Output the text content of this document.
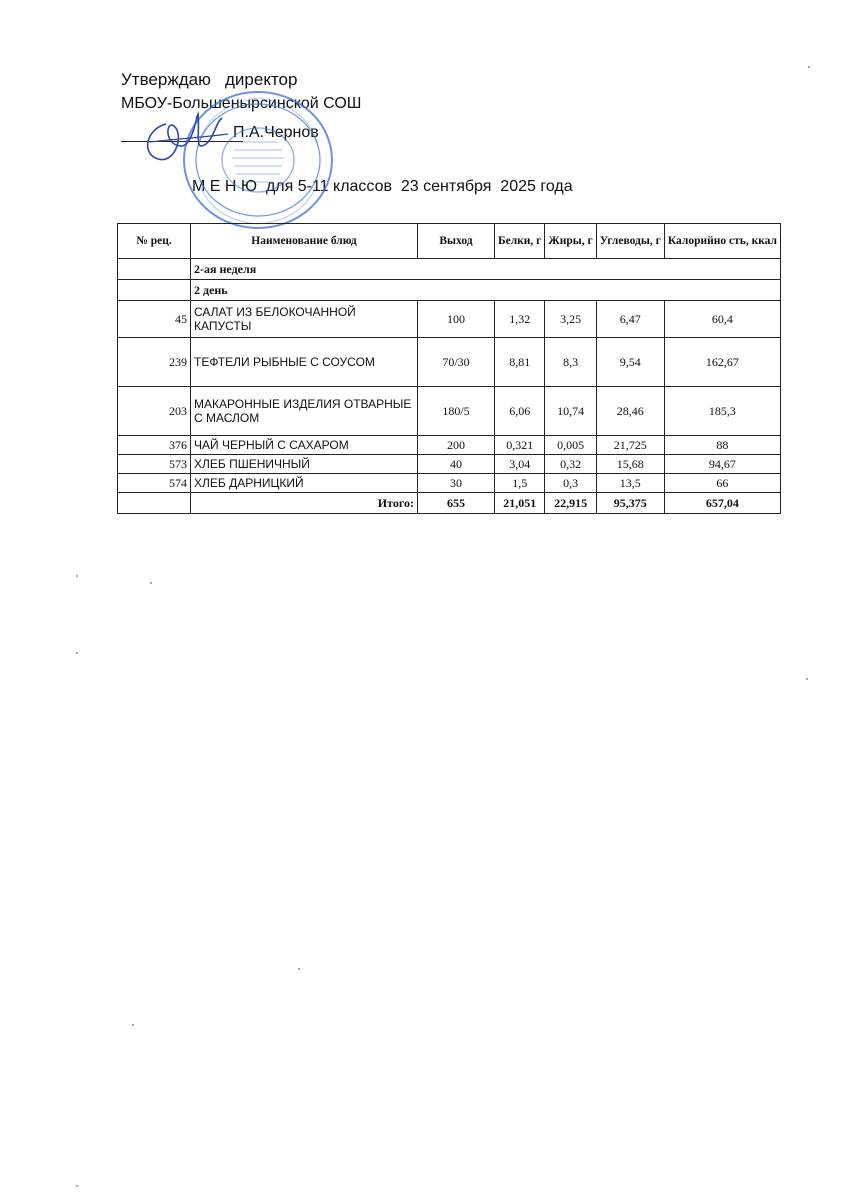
Утверждаю   директор
МБОУ-Большеныpсинской СОШ
П.А.Чернов
М Е Н Ю  для 5-11 классов  23 сентября  2025 года
№ рец.	Наименование блюд	Выход	Белки, г	Жиры, г	Углеводы, г	Калорийно сть, ккал
	2-ая неделя					
	2 день					
45	САЛАТ ИЗ БЕЛОКОЧАННОЙ КАПУСТЫ	100	1,32	3,25	6,47	60,4
239	ТЕФТЕЛИ РЫБНЫЕ С СОУСОМ	70/30	8,81	8,3	9,54	162,67
203	МАКАРОННЫЕ ИЗДЕЛИЯ ОТВАРНЫЕ С МАСЛОМ	180/5	6,06	10,74	28,46	185,3
376	ЧАЙ ЧЕРНЫЙ С САХАРОМ	200	0,321	0,005	21,725	88
573	ХЛЕБ ПШЕНИЧНЫЙ	40	3,04	0,32	15,68	94,67
574	ХЛЕБ ДАРНИЦКИЙ	30	1,5	0,3	13,5	66
	Итого:	655	21,051	22,915	95,375	657,04
